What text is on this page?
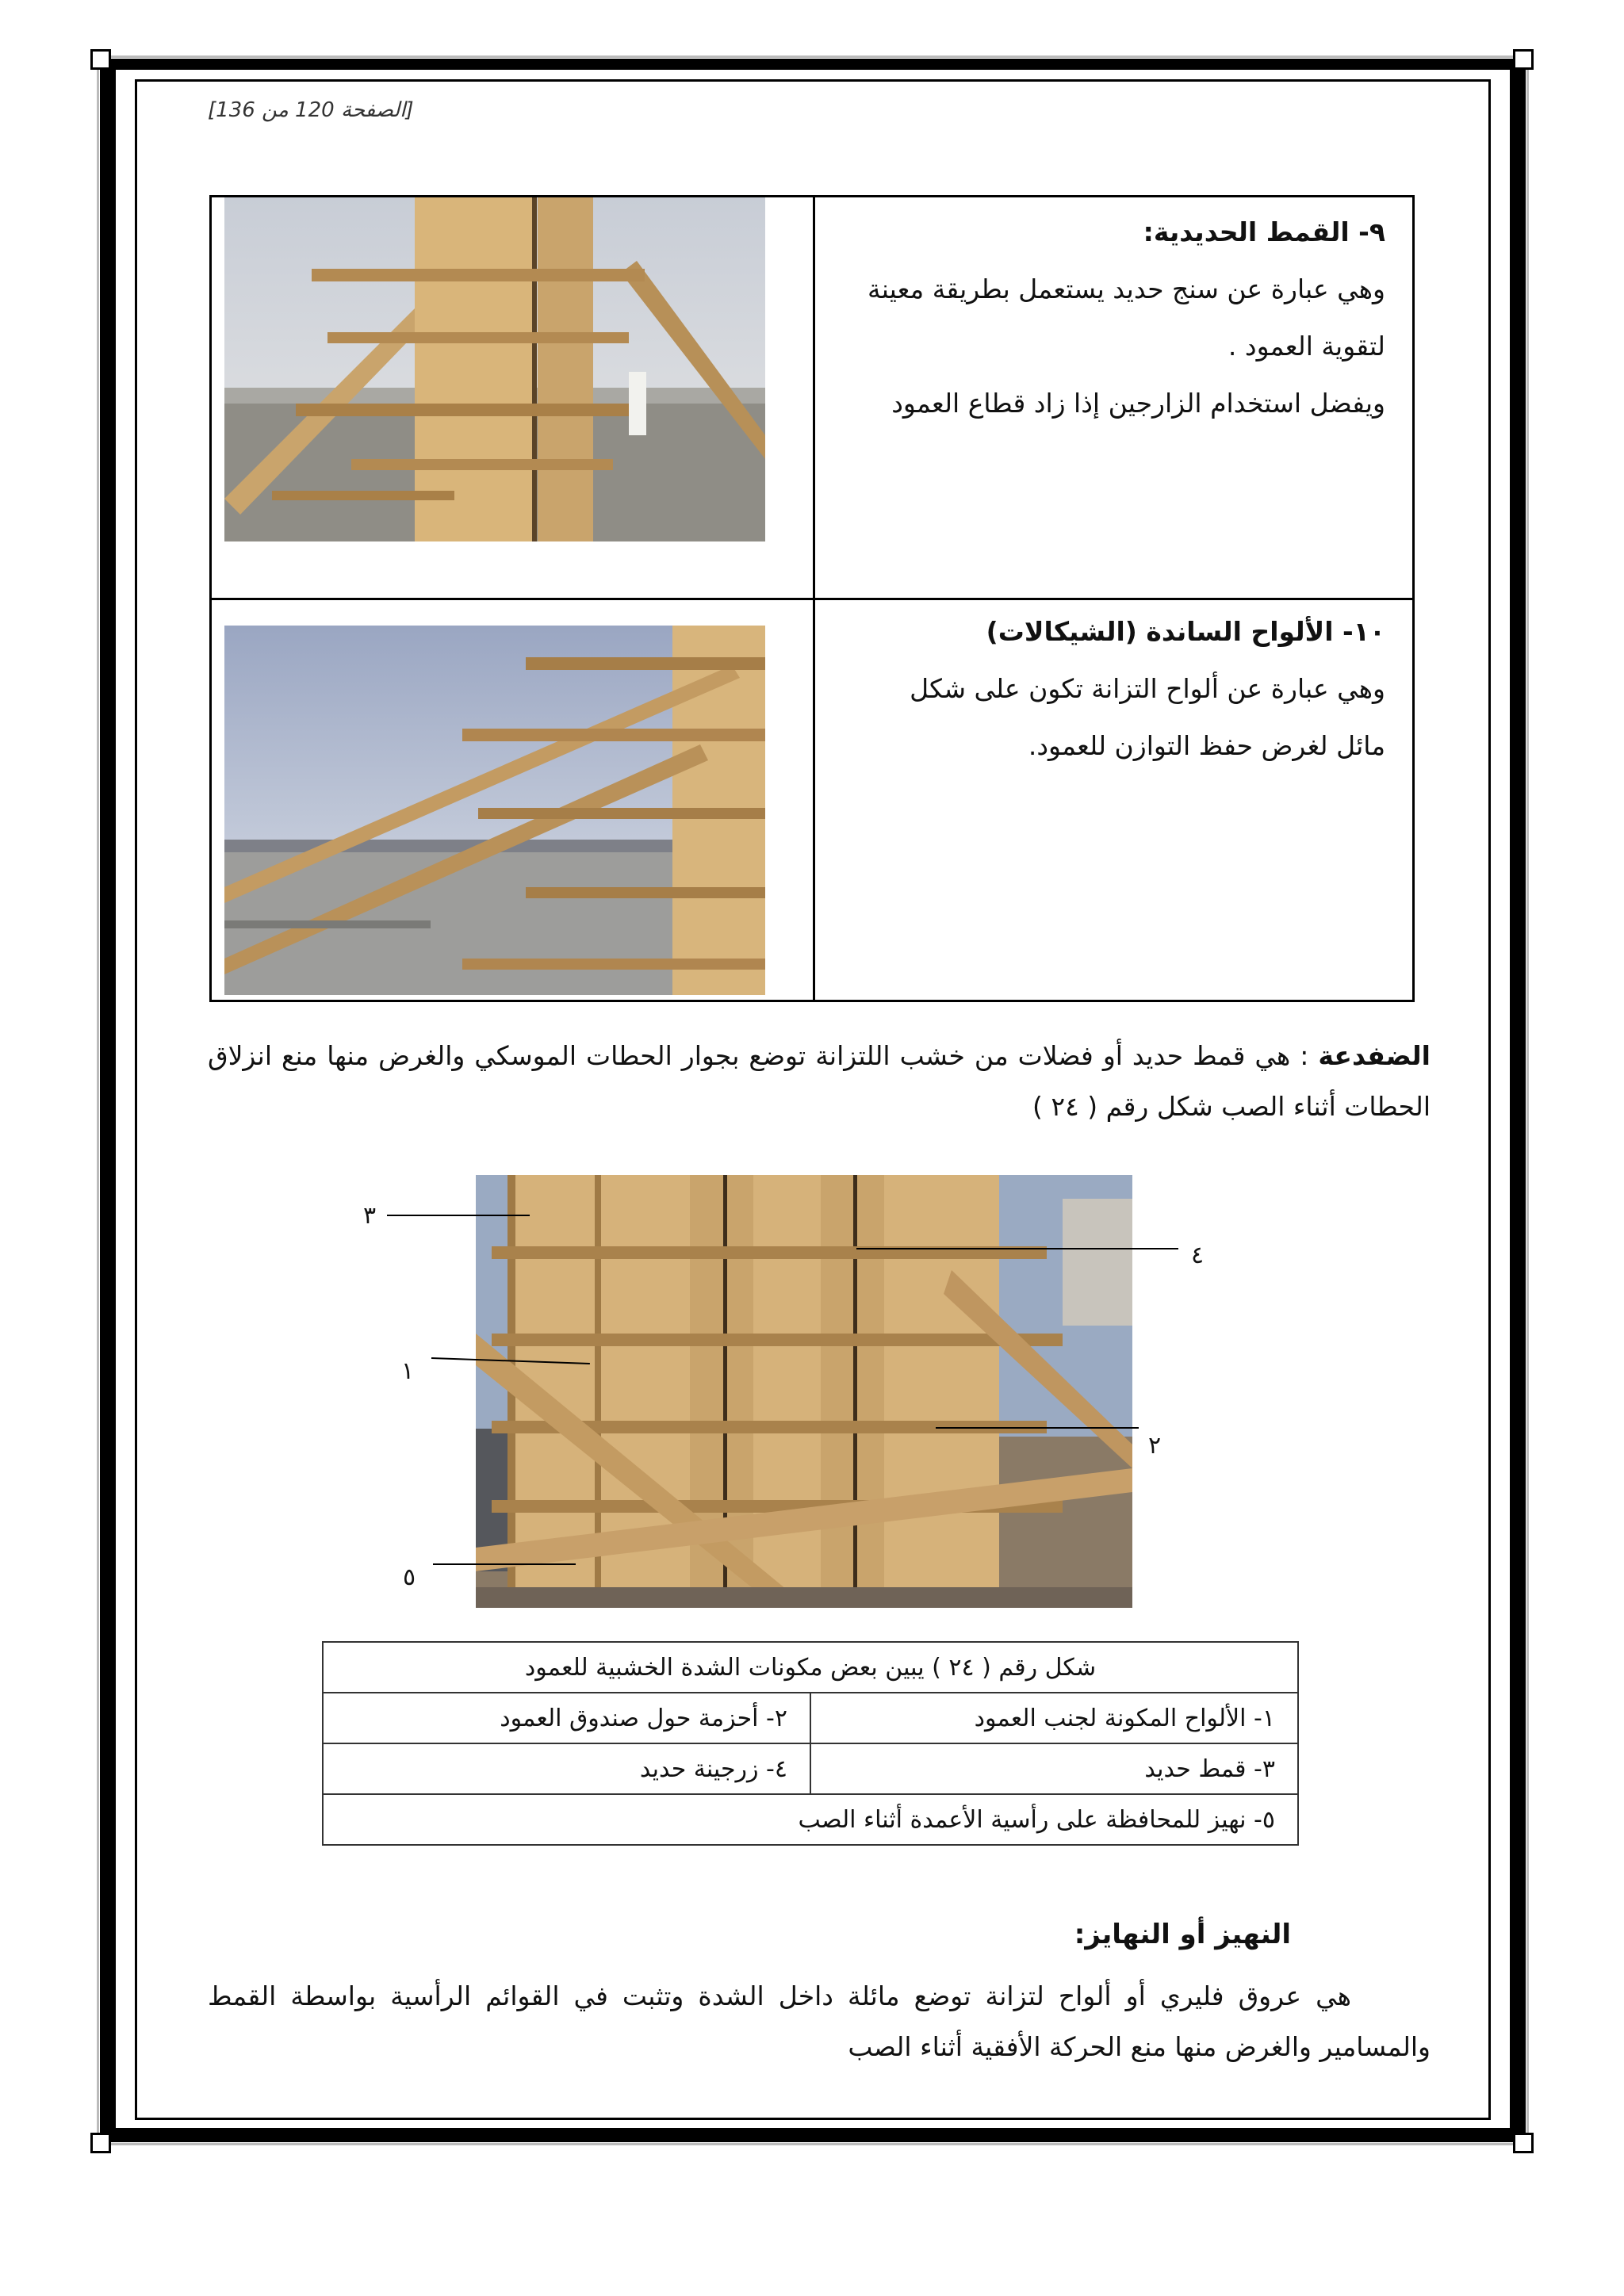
[الصفحة 120 من 136]

٩- القمط الحديدية:

وهي عبارة عن سنج حديد يستعمل بطريقة معينة

لتقوية العمود .

ويفضل استخدام الزارجين إذا زاد قطاع العمود

١٠- الألواح الساندة (الشيكالات)

وهي عبارة عن ألواح التزانة تكون على شكل

مائل لغرض حفظ التوازن للعمود.

الضفدعة : هي قمط حديد أو فضلات من خشب اللتزانة توضع بجوار الحطات الموسكي والغرض منها منع انزلاق الحطات أثناء الصب شكل رقم ( ٢٤ )
٣
٤
١
٢
٥
شكل رقم ( ٢٤ ) يبين بعض مكونات الشدة الخشبية للعمود	
١- الألواح المكونة لجنب العمود	٢- أحزمة حول صندوق العمود
٣- قمط حديد	٤- زرجينة حديد
٥- نهيز للمحافظة على رأسية الأعمدة أثناء الصب	
النهيز أو النهايز:
هي عروق فليري أو ألواح لتزانة توضع مائلة داخل الشدة وتثبت في القوائم الرأسية بواسطة القمط والمسامير والغرض منها منع الحركة الأفقية أثناء الصب
